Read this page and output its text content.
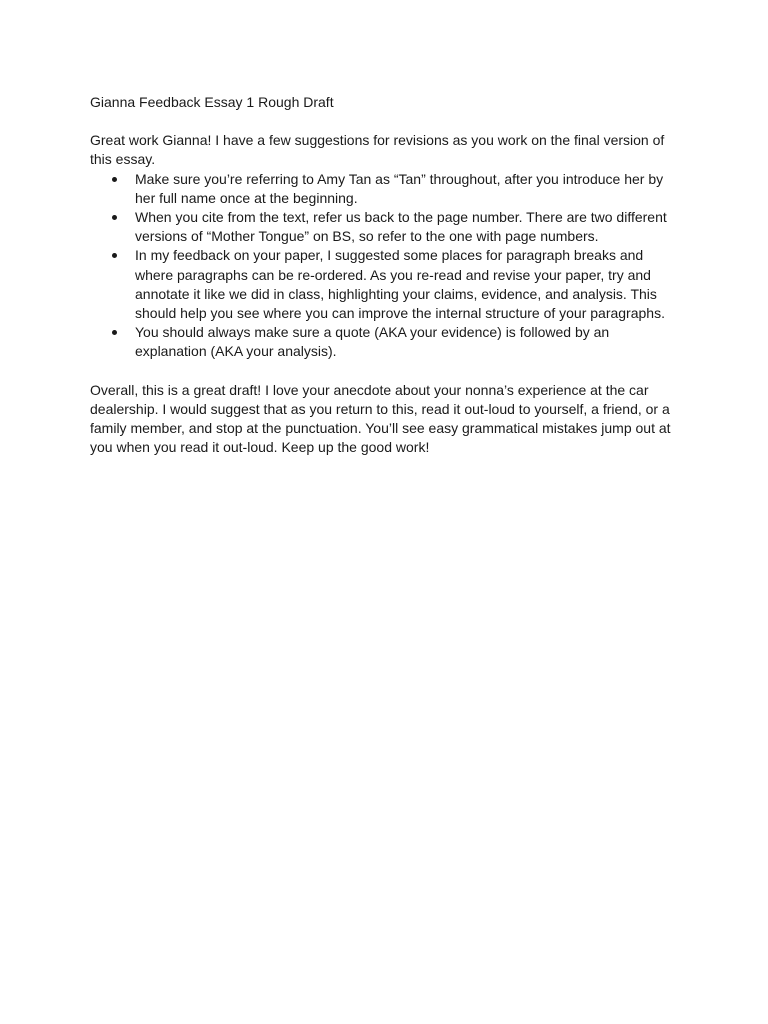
Gianna Feedback Essay 1 Rough Draft

Great work Gianna! I have a few suggestions for revisions as you work on the final version of this essay.

Make sure you’re referring to Amy Tan as “Tan” throughout, after you introduce her by her full name once at the beginning.
When you cite from the text, refer us back to the page number. There are two different versions of “Mother Tongue” on BS, so refer to the one with page numbers.
In my feedback on your paper, I suggested some places for paragraph breaks and where paragraphs can be re-ordered. As you re-read and revise your paper, try and annotate it like we did in class, highlighting your claims, evidence, and analysis. This should help you see where you can improve the internal structure of your paragraphs.
You should always make sure a quote (AKA your evidence) is followed by an explanation (AKA your analysis).

Overall, this is a great draft! I love your anecdote about your nonna’s experience at the car dealership. I would suggest that as you return to this, read it out-loud to yourself, a friend, or a family member, and stop at the punctuation. You’ll see easy grammatical mistakes jump out at you when you read it out-loud. Keep up the good work!
